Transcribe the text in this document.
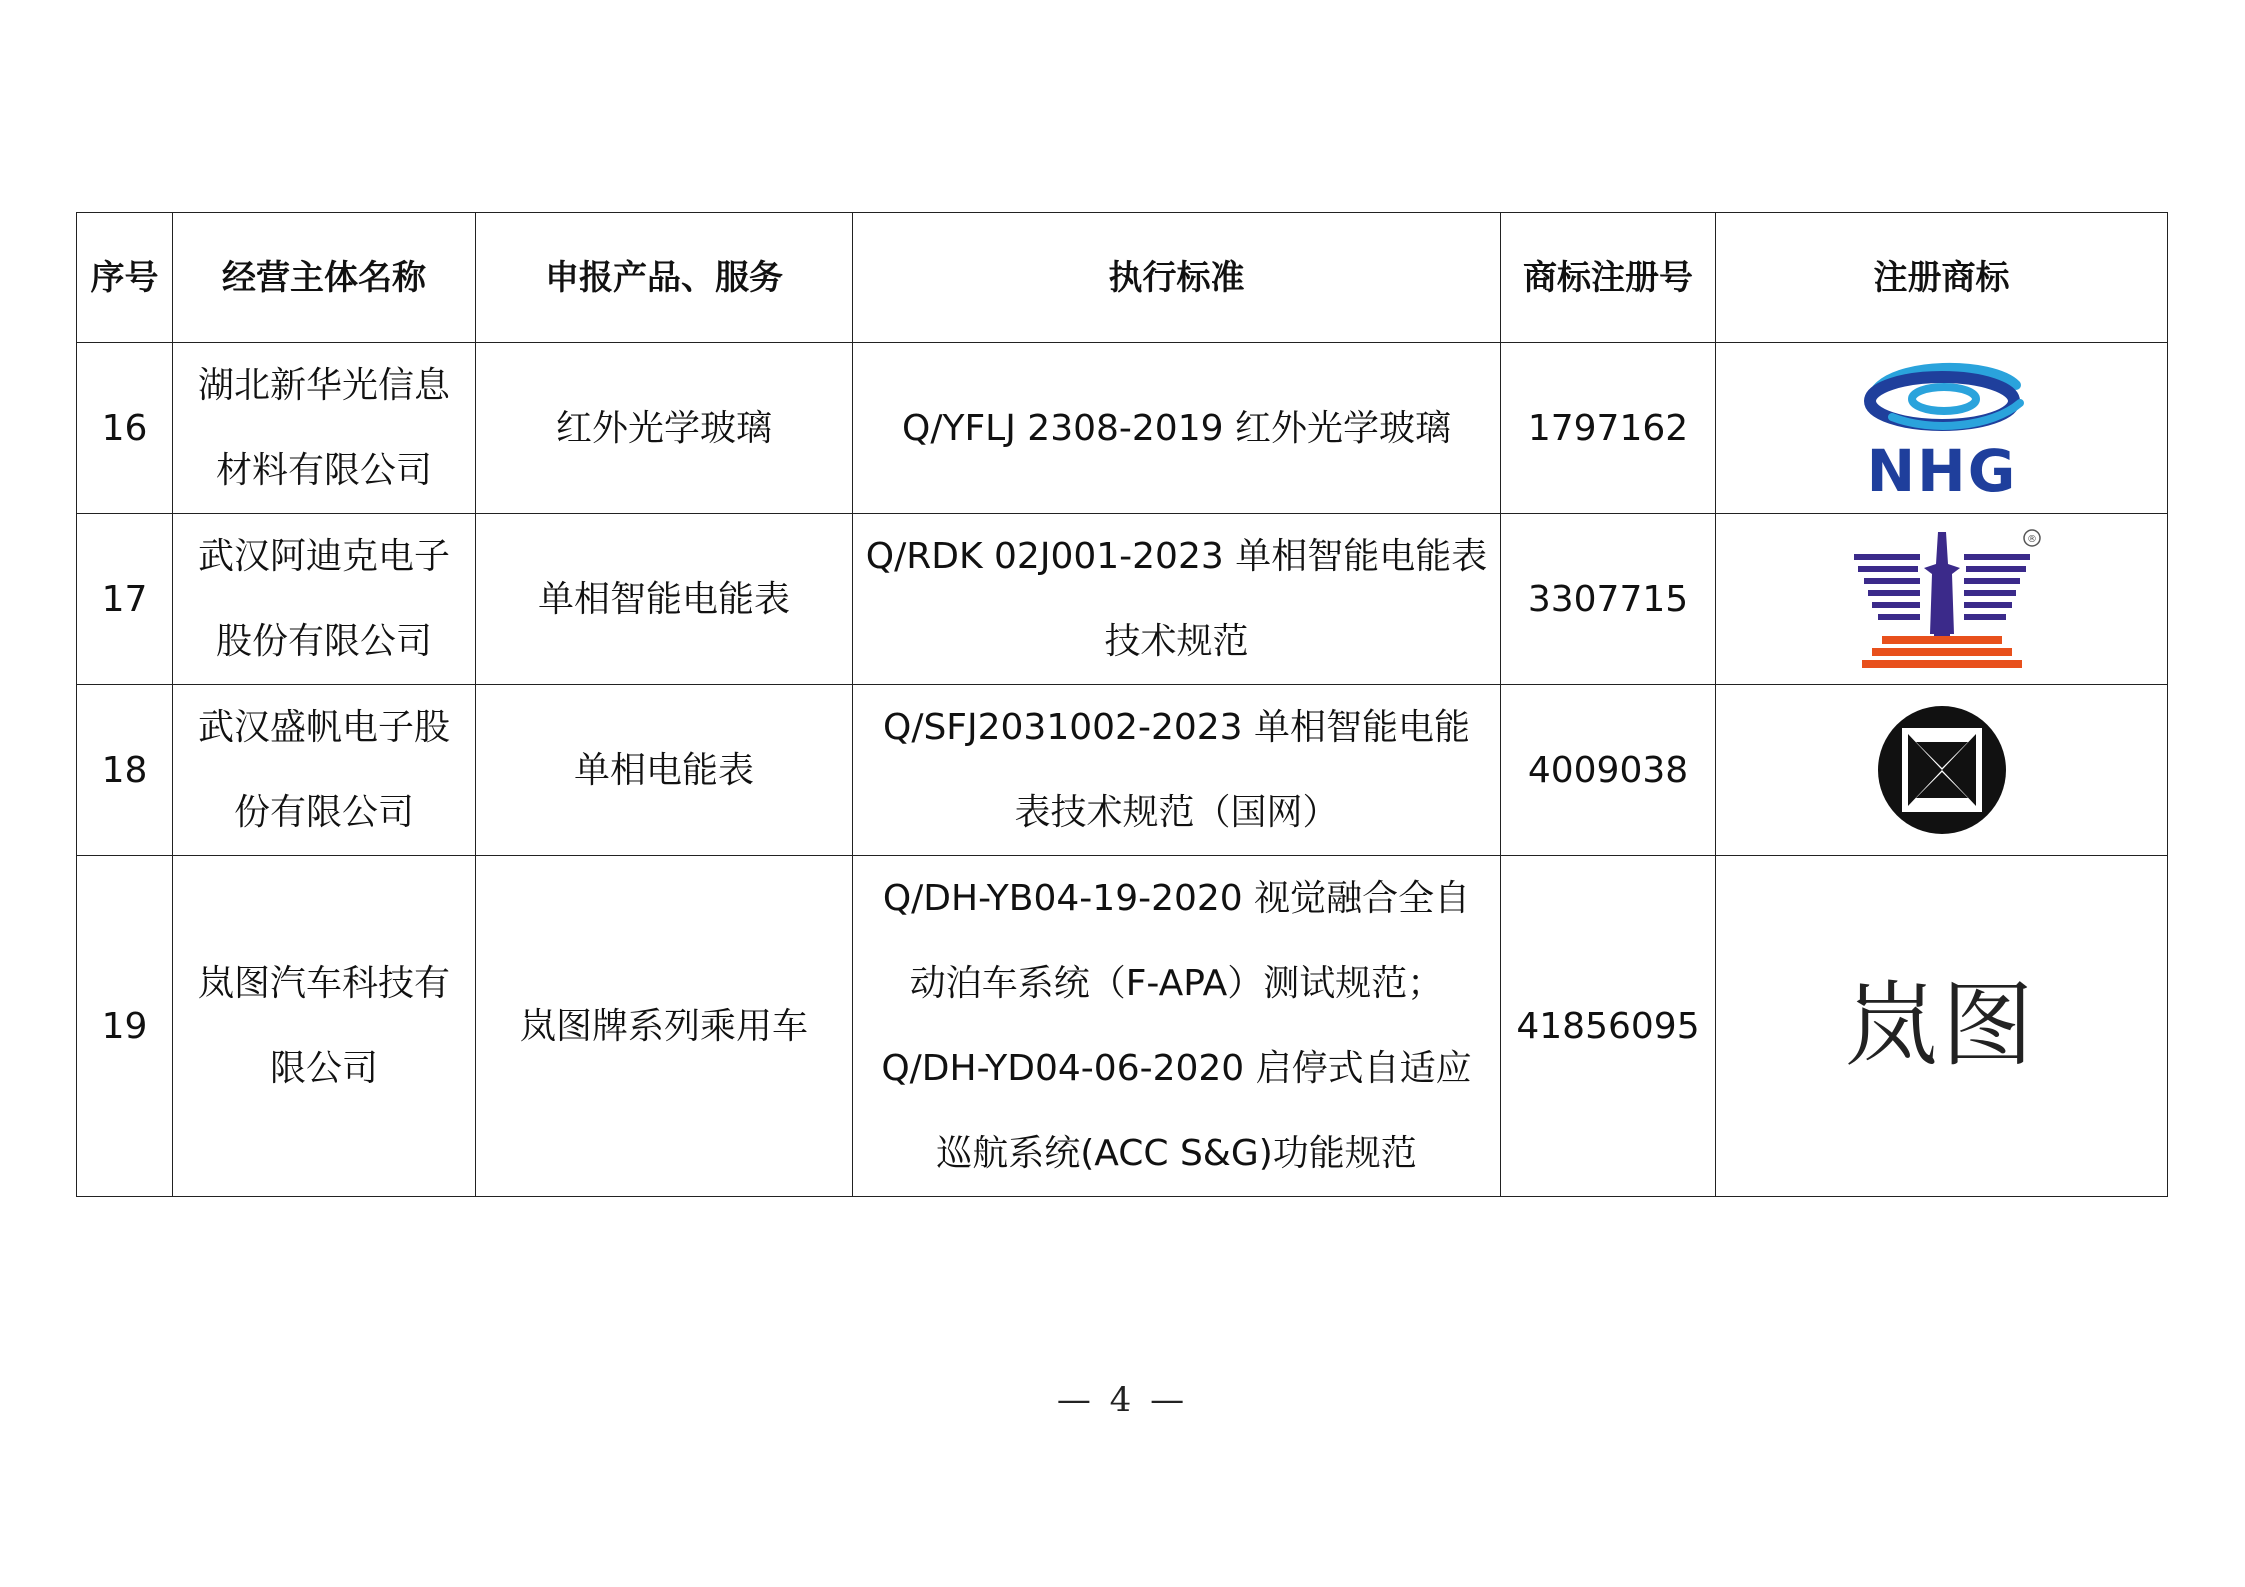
序号	经营主体名称	申报产品、服务	执行标准	商标注册号	注册商标
16	湖北新华光信息材料有限公司	红外光学玻璃	Q/YFLJ 2308-2019 红外光学玻璃	1797162	NHG

17	武汉阿迪克电子股份有限公司	单相智能电能表	Q/RDK 02J001-2023 单相智能电能表技术规范	3307715	®

18	武汉盛帆电子股份有限公司	单相电能表	Q/SFJ2031002-2023 单相智能电能表技术规范（国网）	4009038	

19	岚图汽车科技有限公司	岚图牌系列乘用车	Q/DH-YB04-19-2020 视觉融合全自动泊车系统（F-APA）测试规范；Q/DH-YD04-06-2020 启停式自适应巡航系统(ACC S&G)功能规范	41856095	岚图
— 4 —
